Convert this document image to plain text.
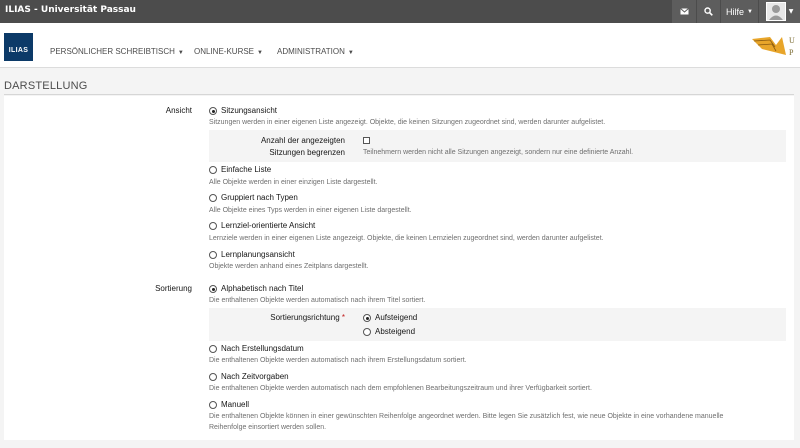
ILIAS - Universität Passau	Hilfe ▼	▼
ILIAS	PERSÖNLICHER SCHREIBTISCH ▼ ONLINE-KURSE ▼ ADMINISTRATION ▼
U
P
DARSTELLUNG
Ansicht	Sitzungsansicht
Sitzungen werden in einer eigenen Liste angezeigt. Objekte, die keinen Sitzungen zugeordnet sind, werden darunter aufgelistet.
Anzahl der angezeigten
Sitzungen begrenzen	Teilnehmern werden nicht alle Sitzungen angezeigt, sondern nur eine definierte Anzahl.
Einfache Liste
Alle Objekte werden in einer einzigen Liste dargestellt.
Gruppiert nach Typen
Alle Objekte eines Typs werden in einer eigenen Liste dargestellt.
Lernziel-orientierte Ansicht
Lernziele werden in einer eigenen Liste angezeigt. Objekte, die keinen Lernzielen zugeordnet sind, werden darunter aufgelistet.
Lernplanungsansicht
Objekte werden anhand eines Zeitplans dargestellt.
Sortierung	Alphabetisch nach Titel
Die enthaltenen Objekte werden automatisch nach ihrem Titel sortiert.
Sortierungsrichtung *	Aufsteigend
Absteigend
Nach Erstellungsdatum
Die enthaltenen Objekte werden automatisch nach ihrem Erstellungsdatum sortiert.
Nach Zeitvorgaben
Die enthaltenen Objekte werden automatisch nach dem empfohlenen Bearbeitungszeitraum und ihrer Verfügbarkeit sortiert.
Manuell
Die enthaltenen Objekte können in einer gewünschten Reihenfolge angeordnet werden. Bitte legen Sie zusätzlich fest, wie neue Objekte in eine vorhandene manuelle
Reihenfolge einsortiert werden sollen.
